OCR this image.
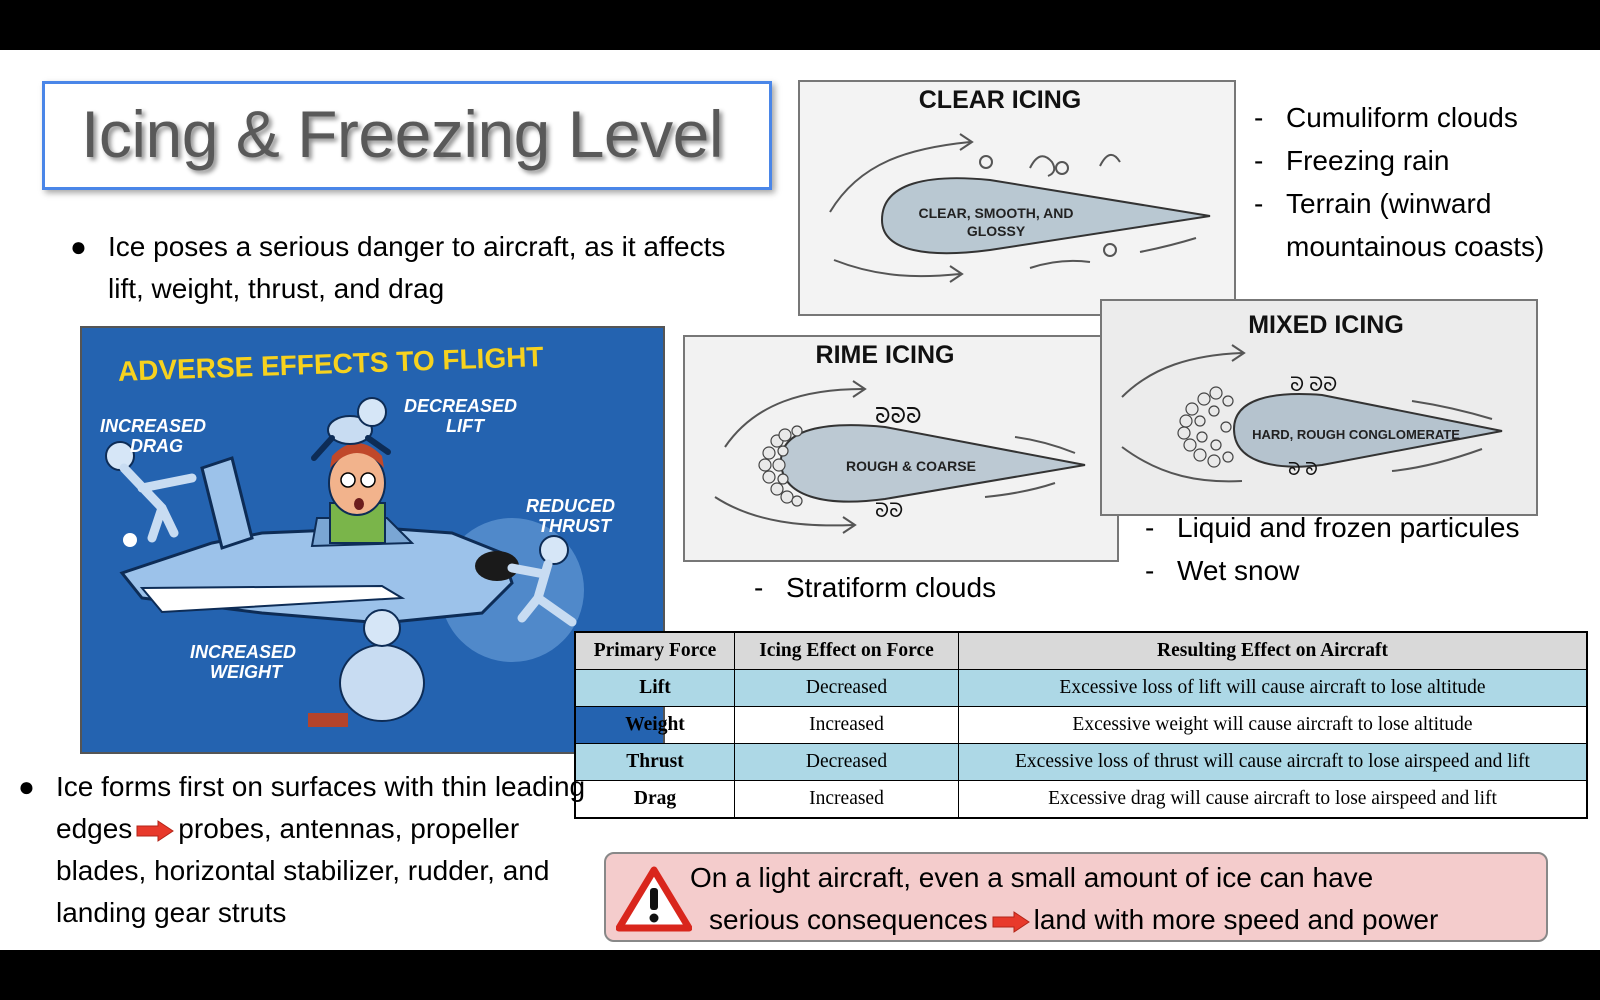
Icing & Freezing Level
● Ice poses a serious danger to aircraft, as it affects lift, weight, thrust, and drag
ADVERSE EFFECTS TO FLIGHT
INCREASED
DRAG
DECREASED
LIFT
REDUCED
THRUST
INCREASED
WEIGHT
CLEAR ICING
CLEAR, SMOOTH, AND
GLOSSY
- Cumuliform clouds
- Freezing rain
- Terrain (winward mountainous coasts)
RIME ICING
ROUGH & COARSE
ᘐᘐᘐ
ᘐᘐ
- Stratiform clouds
MIXED ICING
HARD, ROUGH CONGLOMERATE
ᘐ ᘐᘐ
ᘐ ᘐ
- Liquid and frozen particules
- Wet snow
Primary Force	Icing Effect on Force	Resulting Effect on Aircraft
Lift	Decreased	Excessive loss of lift will cause aircraft to lose altitude
Weight	Increased	Excessive weight will cause aircraft to lose altitude
Thrust	Decreased	Excessive loss of thrust will cause aircraft to lose airspeed and lift
Drag	Increased	Excessive drag will cause aircraft to lose airspeed and lift
● Ice forms first on surfaces with thin leading edges probes, antennas, propeller blades, horizontal stabilizer, rudder, and landing gear struts
On a light aircraft, even a small amount of ice can have
serious consequences land with more speed and power
